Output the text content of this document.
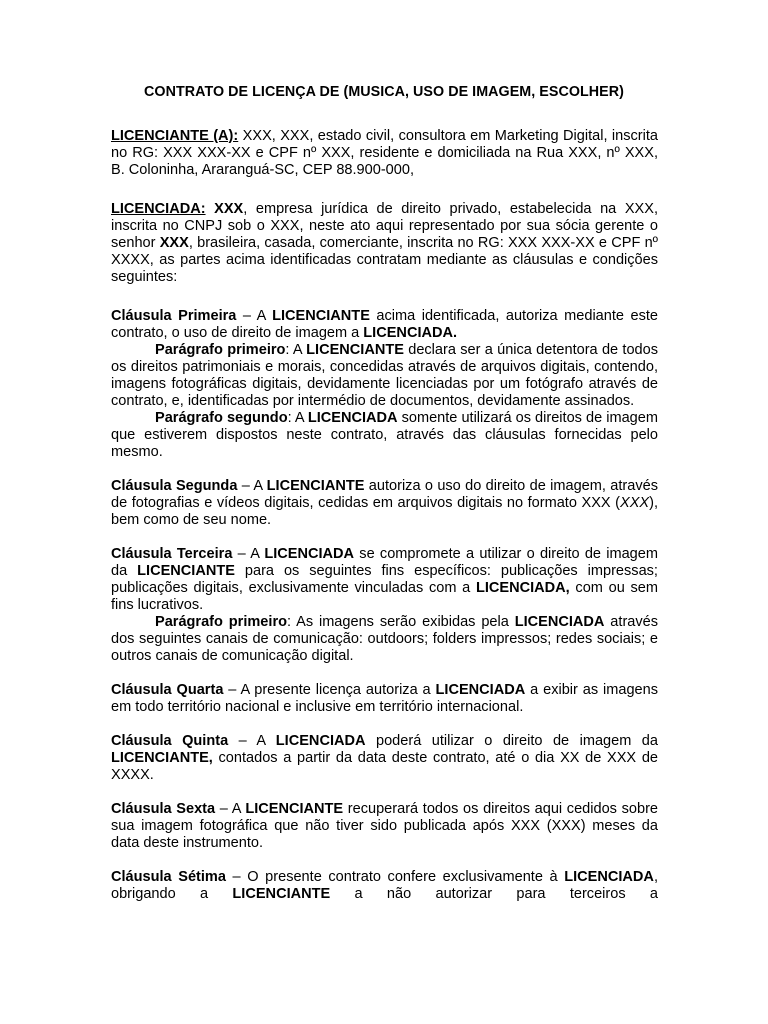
CONTRATO DE LICENÇA DE (MUSICA, USO DE IMAGEM, ESCOLHER)

LICENCIANTE (A): XXX, XXX, estado civil, consultora em Marketing Digital, inscrita no RG: XXX XXX-XX e CPF nº XXX, residente e domiciliada na Rua XXX, nº XXX, B. Coloninha, Araranguá-SC, CEP 88.900-000,

LICENCIADA: XXX, empresa jurídica de direito privado, estabelecida na XXX, inscrita no CNPJ sob o XXX, neste ato aqui representado por sua sócia gerente o senhor XXX, brasileira, casada, comerciante, inscrita no RG: XXX XXX-XX e CPF nº XXXX, as partes acima identificadas contratam mediante as cláusulas e condições seguintes:

Cláusula Primeira – A LICENCIANTE acima identificada, autoriza mediante este contrato, o uso de direito de imagem a LICENCIADA.

Parágrafo primeiro: A LICENCIANTE declara ser a única detentora de todos os direitos patrimoniais e morais, concedidas através de arquivos digitais, contendo, imagens fotográficas digitais, devidamente licenciadas por um fotógrafo através de contrato, e, identificadas por intermédio de documentos, devidamente assinados.

Parágrafo segundo: A LICENCIADA somente utilizará os direitos de imagem que estiverem dispostos neste contrato, através das cláusulas fornecidas pelo mesmo.

Cláusula Segunda – A LICENCIANTE autoriza o uso do direito de imagem, através de fotografias e vídeos digitais, cedidas em arquivos digitais no formato XXX (XXX), bem como de seu nome.

Cláusula Terceira – A LICENCIADA se compromete a utilizar o direito de imagem da LICENCIANTE para os seguintes fins específicos: publicações impressas; publicações digitais, exclusivamente vinculadas com a LICENCIADA, com ou sem fins lucrativos.

Parágrafo primeiro: As imagens serão exibidas pela LICENCIADA através dos seguintes canais de comunicação: outdoors; folders impressos; redes sociais; e outros canais de comunicação digital.

Cláusula Quarta – A presente licença autoriza a LICENCIADA a exibir as imagens em todo território nacional e inclusive em território internacional.

Cláusula Quinta – A LICENCIADA poderá utilizar o direito de imagem da LICENCIANTE, contados a partir da data deste contrato, até o dia XX de XXX de XXXX.

Cláusula Sexta – A LICENCIANTE recuperará todos os direitos aqui cedidos sobre sua imagem fotográfica que não tiver sido publicada após XXX (XXX) meses da data deste instrumento.

Cláusula Sétima – O presente contrato confere exclusivamente à LICENCIADA, obrigando a LICENCIANTE a não autorizar para terceiros a
